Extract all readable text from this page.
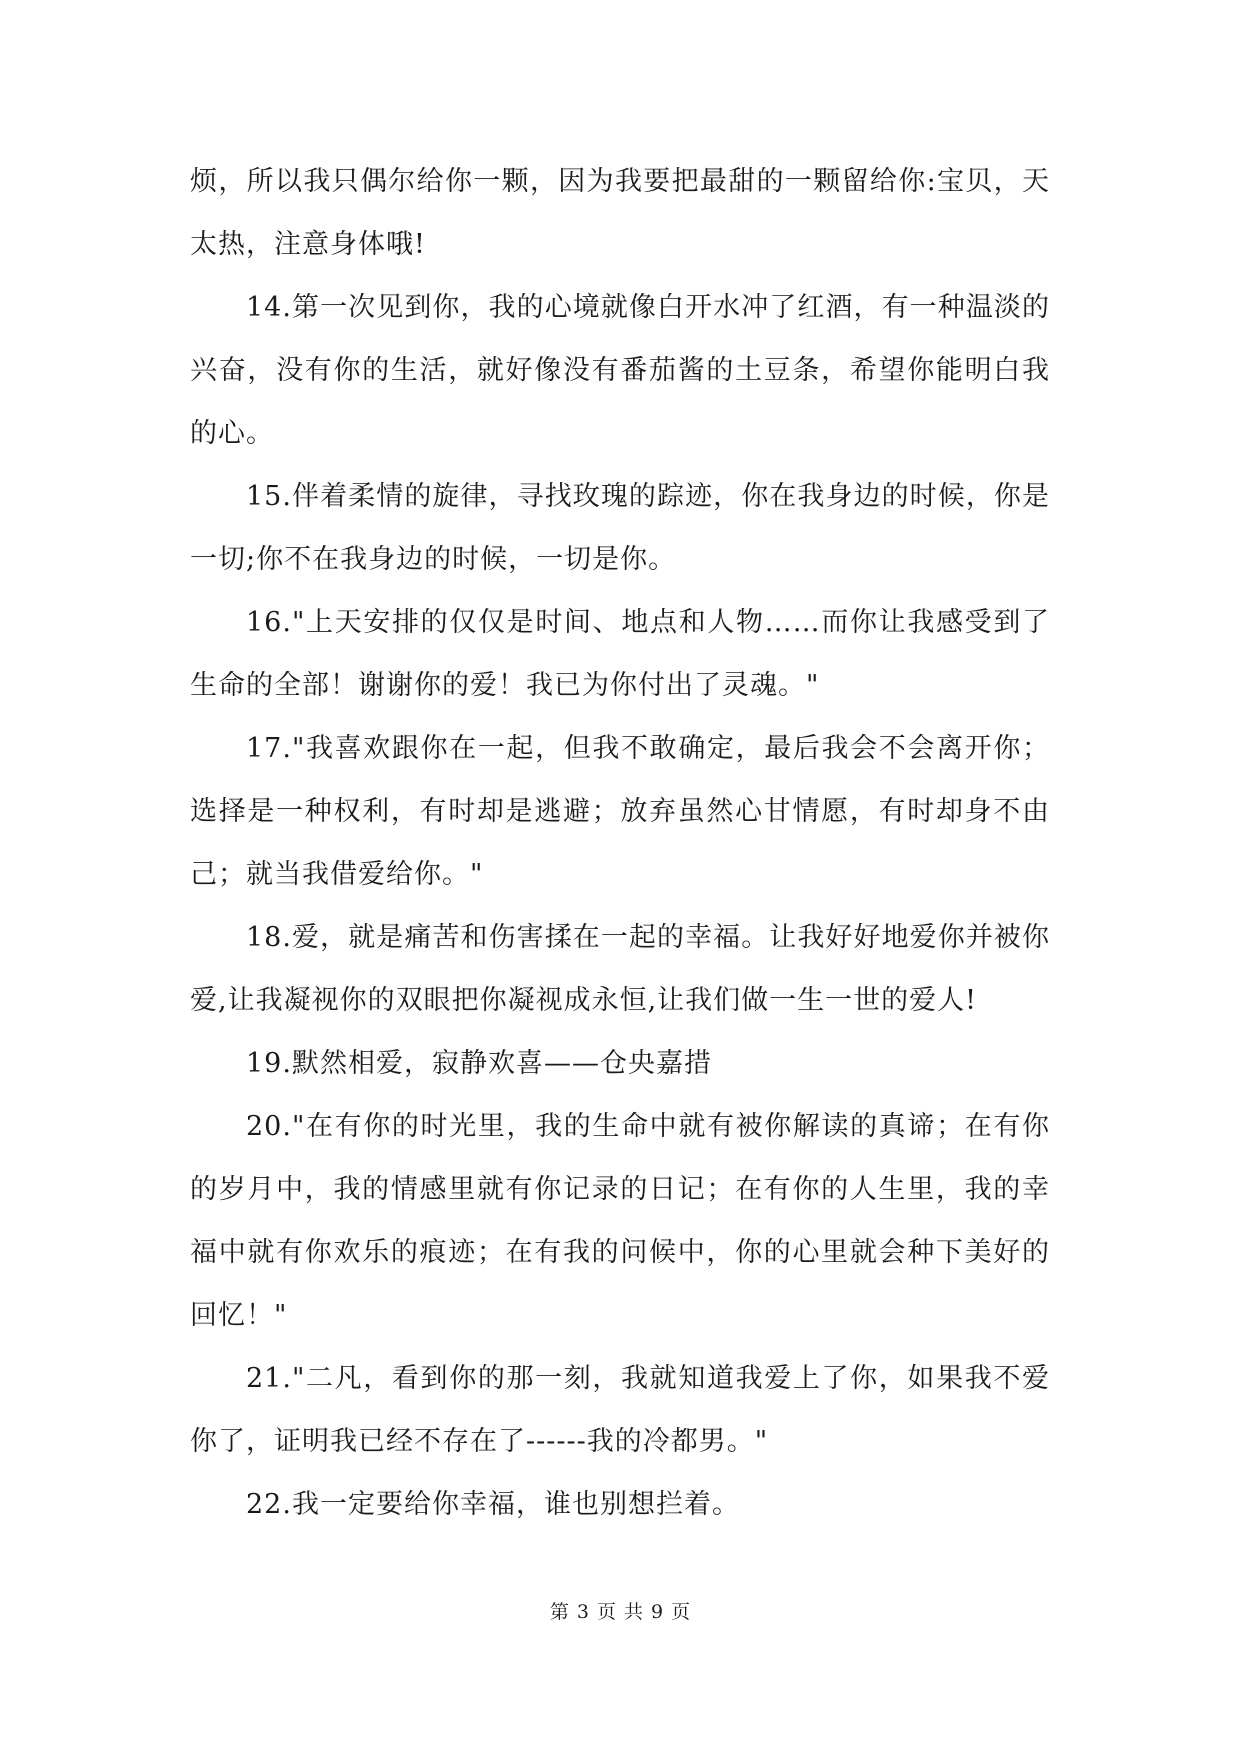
烦，所以我只偶尔给你一颗，因为我要把最甜的一颗留给你:宝贝，天太热，注意身体哦!

14.第一次见到你，我的心境就像白开水冲了红酒，有一种温淡的兴奋，没有你的生活，就好像没有番茄酱的土豆条，希望你能明白我的心。

15.伴着柔情的旋律，寻找玫瑰的踪迹，你在我身边的时候，你是一切;你不在我身边的时候，一切是你。

16."上天安排的仅仅是时间、地点和人物……而你让我感受到了生命的全部！谢谢你的爱！我已为你付出了灵魂。"

17."我喜欢跟你在一起，但我不敢确定，最后我会不会离开你；选择是一种权利，有时却是逃避；放弃虽然心甘情愿，有时却身不由己；就当我借爱给你。"

18.爱，就是痛苦和伤害揉在一起的幸福。让我好好地爱你并被你爱,让我凝视你的双眼把你凝视成永恒,让我们做一生一世的爱人!

19.默然相爱，寂静欢喜——仓央嘉措

20."在有你的时光里，我的生命中就有被你解读的真谛；在有你的岁月中，我的情感里就有你记录的日记；在有你的人生里，我的幸福中就有你欢乐的痕迹；在有我的问候中，你的心里就会种下美好的回忆！"

21."二凡，看到你的那一刻，我就知道我爱上了你，如果我不爱你了，证明我已经不存在了------我的冷都男。"

22.我一定要给你幸福，谁也别想拦着。

第 3 页 共 9 页
